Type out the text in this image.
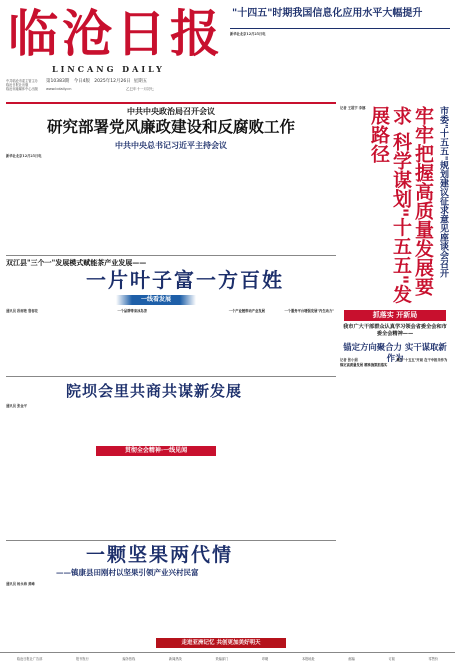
临沧日报
LINCANG DAILY
中共临沧市委主管主办
临沧日报社出版
临沧市融媒体中心出版
第10383期 今日4版 2025年12月26日 星期五
乙巳年十一月初七
www.lcdaily.cn
"十四五"时期我国信息化应用水平大幅提升
新华社北京12月25日电
中共中央政治局召开会议
研究部署党风廉政建设和反腐败工作
中共中央总书记习近平主持会议
新华社北京12月25日电	市委"十五五"规划建议征求意见座谈会召开
牢牢把握高质量发展要求 科学谋划"十五五"发展路径
记者 王超宇 李娜
双江县"三个一"发展模式赋能茶产业发展——
一片叶子富一方百姓
一线看发展
通讯员 段树艳 鲁春花	一个品牌带来冰岛茶	一个产业链带动产业发展	一个服务平台增强发展"内生动力"	抓落实 开新局
我市广大干部群众认真学习领会省委全会和市委全会精神——
锚定方向聚合力 实干谋取新作为
记者 张小娟
锚定高质量发展 精准施策抓落实
聚力"十五五"开局 在干中担当作为
院坝会里共商共谋新发展
通讯员 张金平
贯彻全会精神·一线见闻
一颗坚果两代情
——镇康县田刚村以坚果引领产业兴村民富
通讯员 杨永海 黄峰
走进亚洲记忆 共创更加美好明天
临沧日报社广告部	报刊发行	编务热线	新闻热线	采编部门	印刷	本报地址	邮编	订阅	零售价
